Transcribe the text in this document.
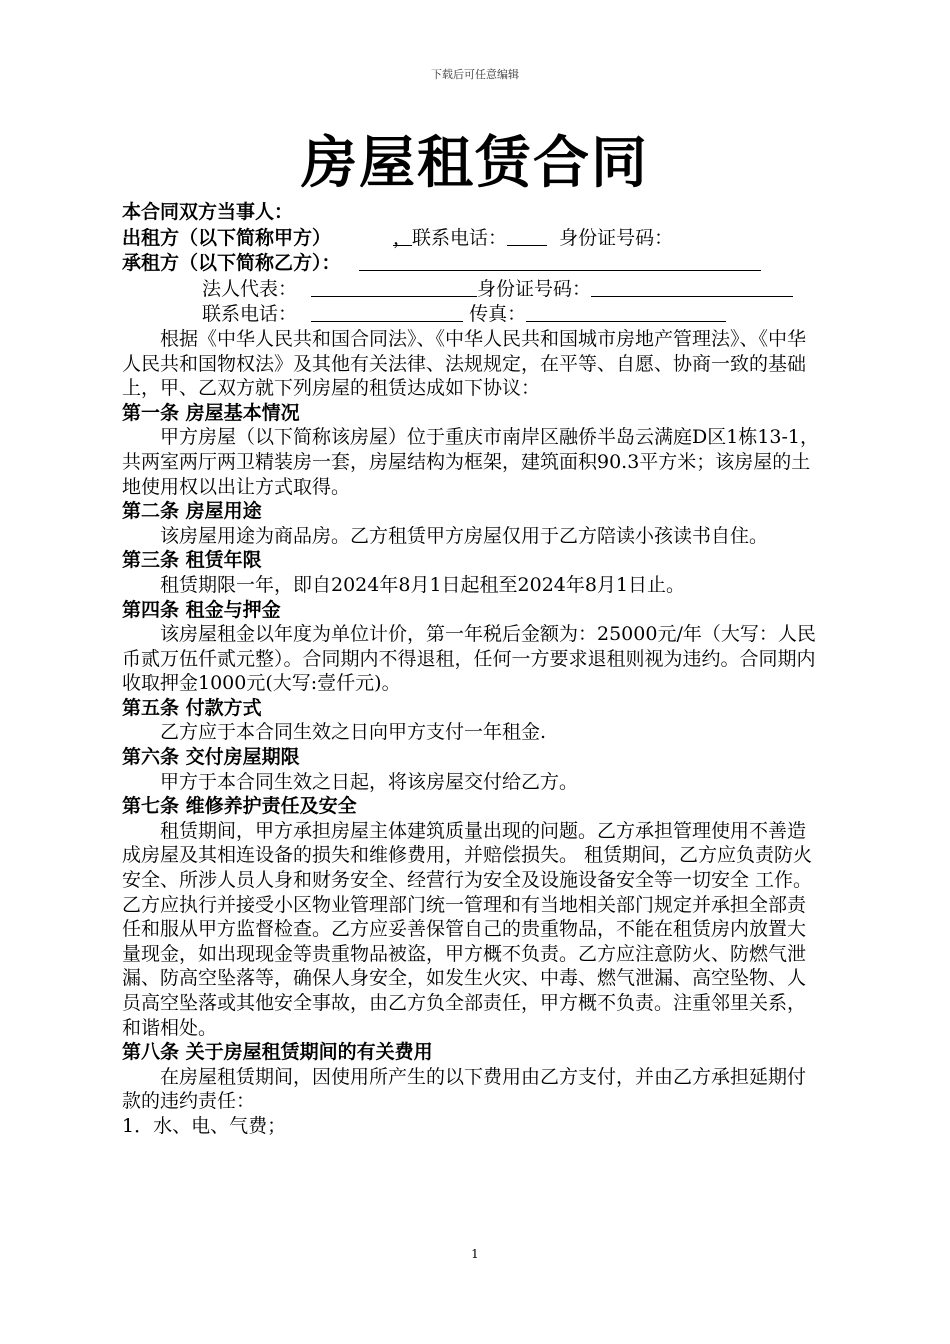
下载后可任意编辑
房屋租赁合同

本合同双方当事人：

出租方（以下简称甲方）	，联系电话：	身份证号码：

承租方（以下简称乙方）：

法人代表：	身份证号码：

联系电话：	传真：

根据《中华人民共和国合同法》、《中华人民共和国城市房地产管理法》、《中华人民共和国物权法》及其他有关法律、法规规定，在平等、自愿、协商一致的基础上，甲、乙双方就下列房屋的租赁达成如下协议：

第一条 房屋基本情况

甲方房屋（以下简称该房屋）位于重庆市南岸区融侨半岛云满庭D区1栋13-1，共两室两厅两卫精装房一套，房屋结构为框架，建筑面积90.3平方米；该房屋的土地使用权以出让方式取得。

第二条 房屋用途

该房屋用途为商品房。乙方租赁甲方房屋仅用于乙方陪读小孩读书自住。

第三条 租赁年限

租赁期限一年，即自2024年8月1日起租至2024年8月1日止。

第四条 租金与押金

该房屋租金以年度为单位计价，第一年税后金额为：25000元/年（大写：人民币贰万伍仟贰元整）。合同期内不得退租，任何一方要求退租则视为违约。合同期内收取押金1000元(大写:壹仟元)。

第五条 付款方式

乙方应于本合同生效之日向甲方支付一年租金.

第六条 交付房屋期限

甲方于本合同生效之日起，将该房屋交付给乙方。

第七条 维修养护责任及安全

租赁期间，甲方承担房屋主体建筑质量出现的问题。乙方承担管理使用不善造成房屋及其相连设备的损失和维修费用，并赔偿损失。 租赁期间，乙方应负责防火安全、所涉人员人身和财务安全、经营行为安全及设施设备安全等一切安全 工作。乙方应执行并接受小区物业管理部门统一管理和有当地相关部门规定并承担全部责任和服从甲方监督检查。乙方应妥善保管自己的贵重物品，不能在租赁房内放置大量现金，如出现现金等贵重物品被盗，甲方概不负责。乙方应注意防火、防燃气泄漏、防高空坠落等，确保人身安全，如发生火灾、中毒、燃气泄漏、高空坠物、人员高空坠落或其他安全事故，由乙方负全部责任，甲方概不负责。注重邻里关系，和谐相处。

第八条 关于房屋租赁期间的有关费用

在房屋租赁期间，因使用所产生的以下费用由乙方支付，并由乙方承担延期付款的违约责任：

1．水、电、气费；

1
